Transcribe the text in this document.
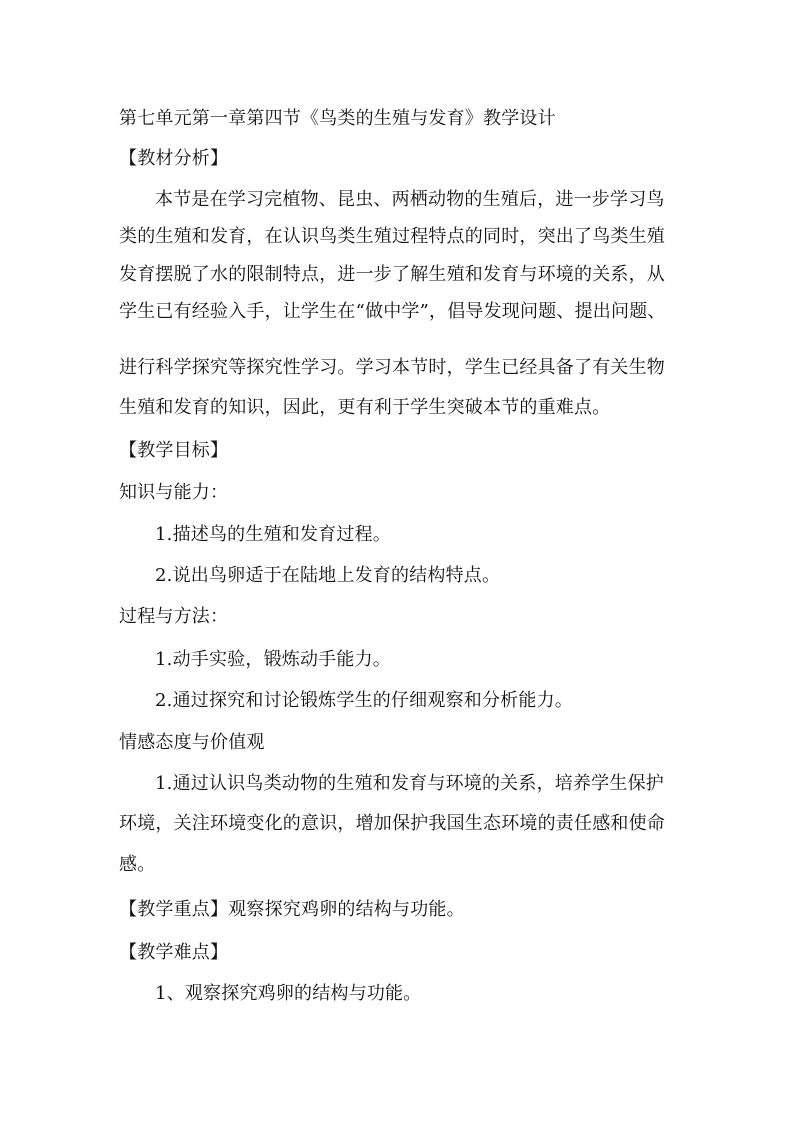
第七单元第一章第四节《鸟类的生殖与发育》教学设计
【教材分析】
本节是在学习完植物、昆虫、两栖动物的生殖后，进一步学习鸟
类的生殖和发育，在认识鸟类生殖过程特点的同时，突出了鸟类生殖
发育摆脱了水的限制特点，进一步了解生殖和发育与环境的关系，从
学生已有经验入手，让学生在“做中学”，倡导发现问题、提出问题、
进行科学探究等探究性学习。学习本节时，学生已经具备了有关生物
生殖和发育的知识，因此，更有利于学生突破本节的重难点。
【教学目标】
知识与能力：
1.描述鸟的生殖和发育过程。
2.说出鸟卵适于在陆地上发育的结构特点。
过程与方法：
1.动手实验，锻炼动手能力。
2.通过探究和讨论锻炼学生的仔细观察和分析能力。
情感态度与价值观
1.通过认识鸟类动物的生殖和发育与环境的关系，培养学生保护
环境，关注环境变化的意识，增加保护我国生态环境的责任感和使命
感。
【教学重点】观察探究鸡卵的结构与功能。
【教学难点】
1、观察探究鸡卵的结构与功能。
